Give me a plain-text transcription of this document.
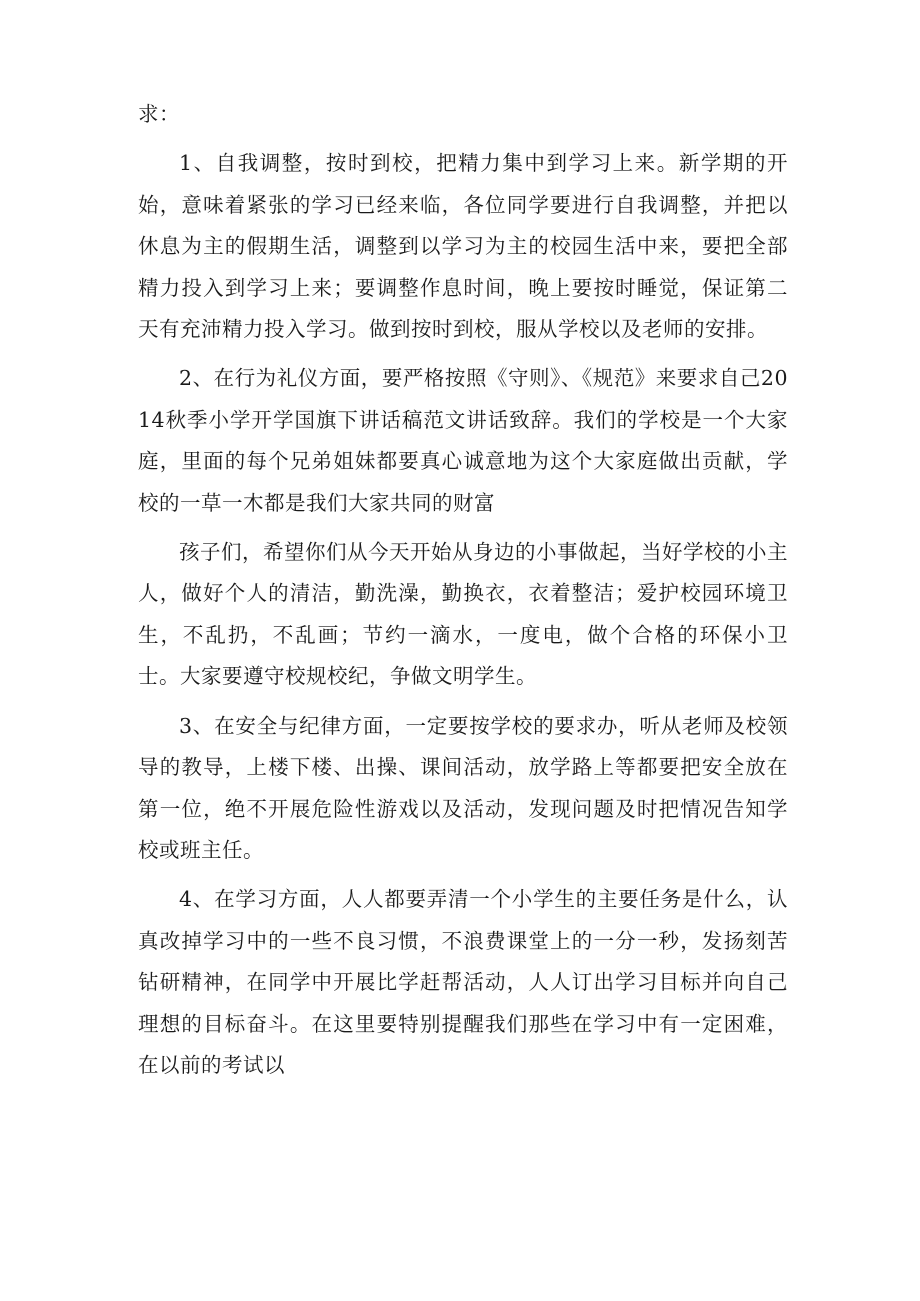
求：

1、自我调整，按时到校，把精力集中到学习上来。新学期的开始，意味着紧张的学习已经来临，各位同学要进行自我调整，并把以休息为主的假期生活，调整到以学习为主的校园生活中来，要把全部精力投入到学习上来；要调整作息时间，晚上要按时睡觉，保证第二天有充沛精力投入学习。做到按时到校，服从学校以及老师的安排。

2、在行为礼仪方面，要严格按照《守则》、《规范》来要求自己2014秋季小学开学国旗下讲话稿范文讲话致辞。我们的学校是一个大家庭，里面的每个兄弟姐妹都要真心诚意地为这个大家庭做出贡献，学校的一草一木都是我们大家共同的财富

孩子们，希望你们从今天开始从身边的小事做起，当好学校的小主人，做好个人的清洁，勤洗澡，勤换衣，衣着整洁；爱护校园环境卫生，不乱扔，不乱画；节约一滴水，一度电，做个合格的环保小卫士。大家要遵守校规校纪，争做文明学生。

3、在安全与纪律方面，一定要按学校的要求办，听从老师及校领导的教导，上楼下楼、出操、课间活动，放学路上等都要把安全放在第一位，绝不开展危险性游戏以及活动，发现问题及时把情况告知学校或班主任。

4、在学习方面，人人都要弄清一个小学生的主要任务是什么，认真改掉学习中的一些不良习惯，不浪费课堂上的一分一秒，发扬刻苦钻研精神，在同学中开展比学赶帮活动，人人订出学习目标并向自己理想的目标奋斗。在这里要特别提醒我们那些在学习中有一定困难，在以前的考试以
